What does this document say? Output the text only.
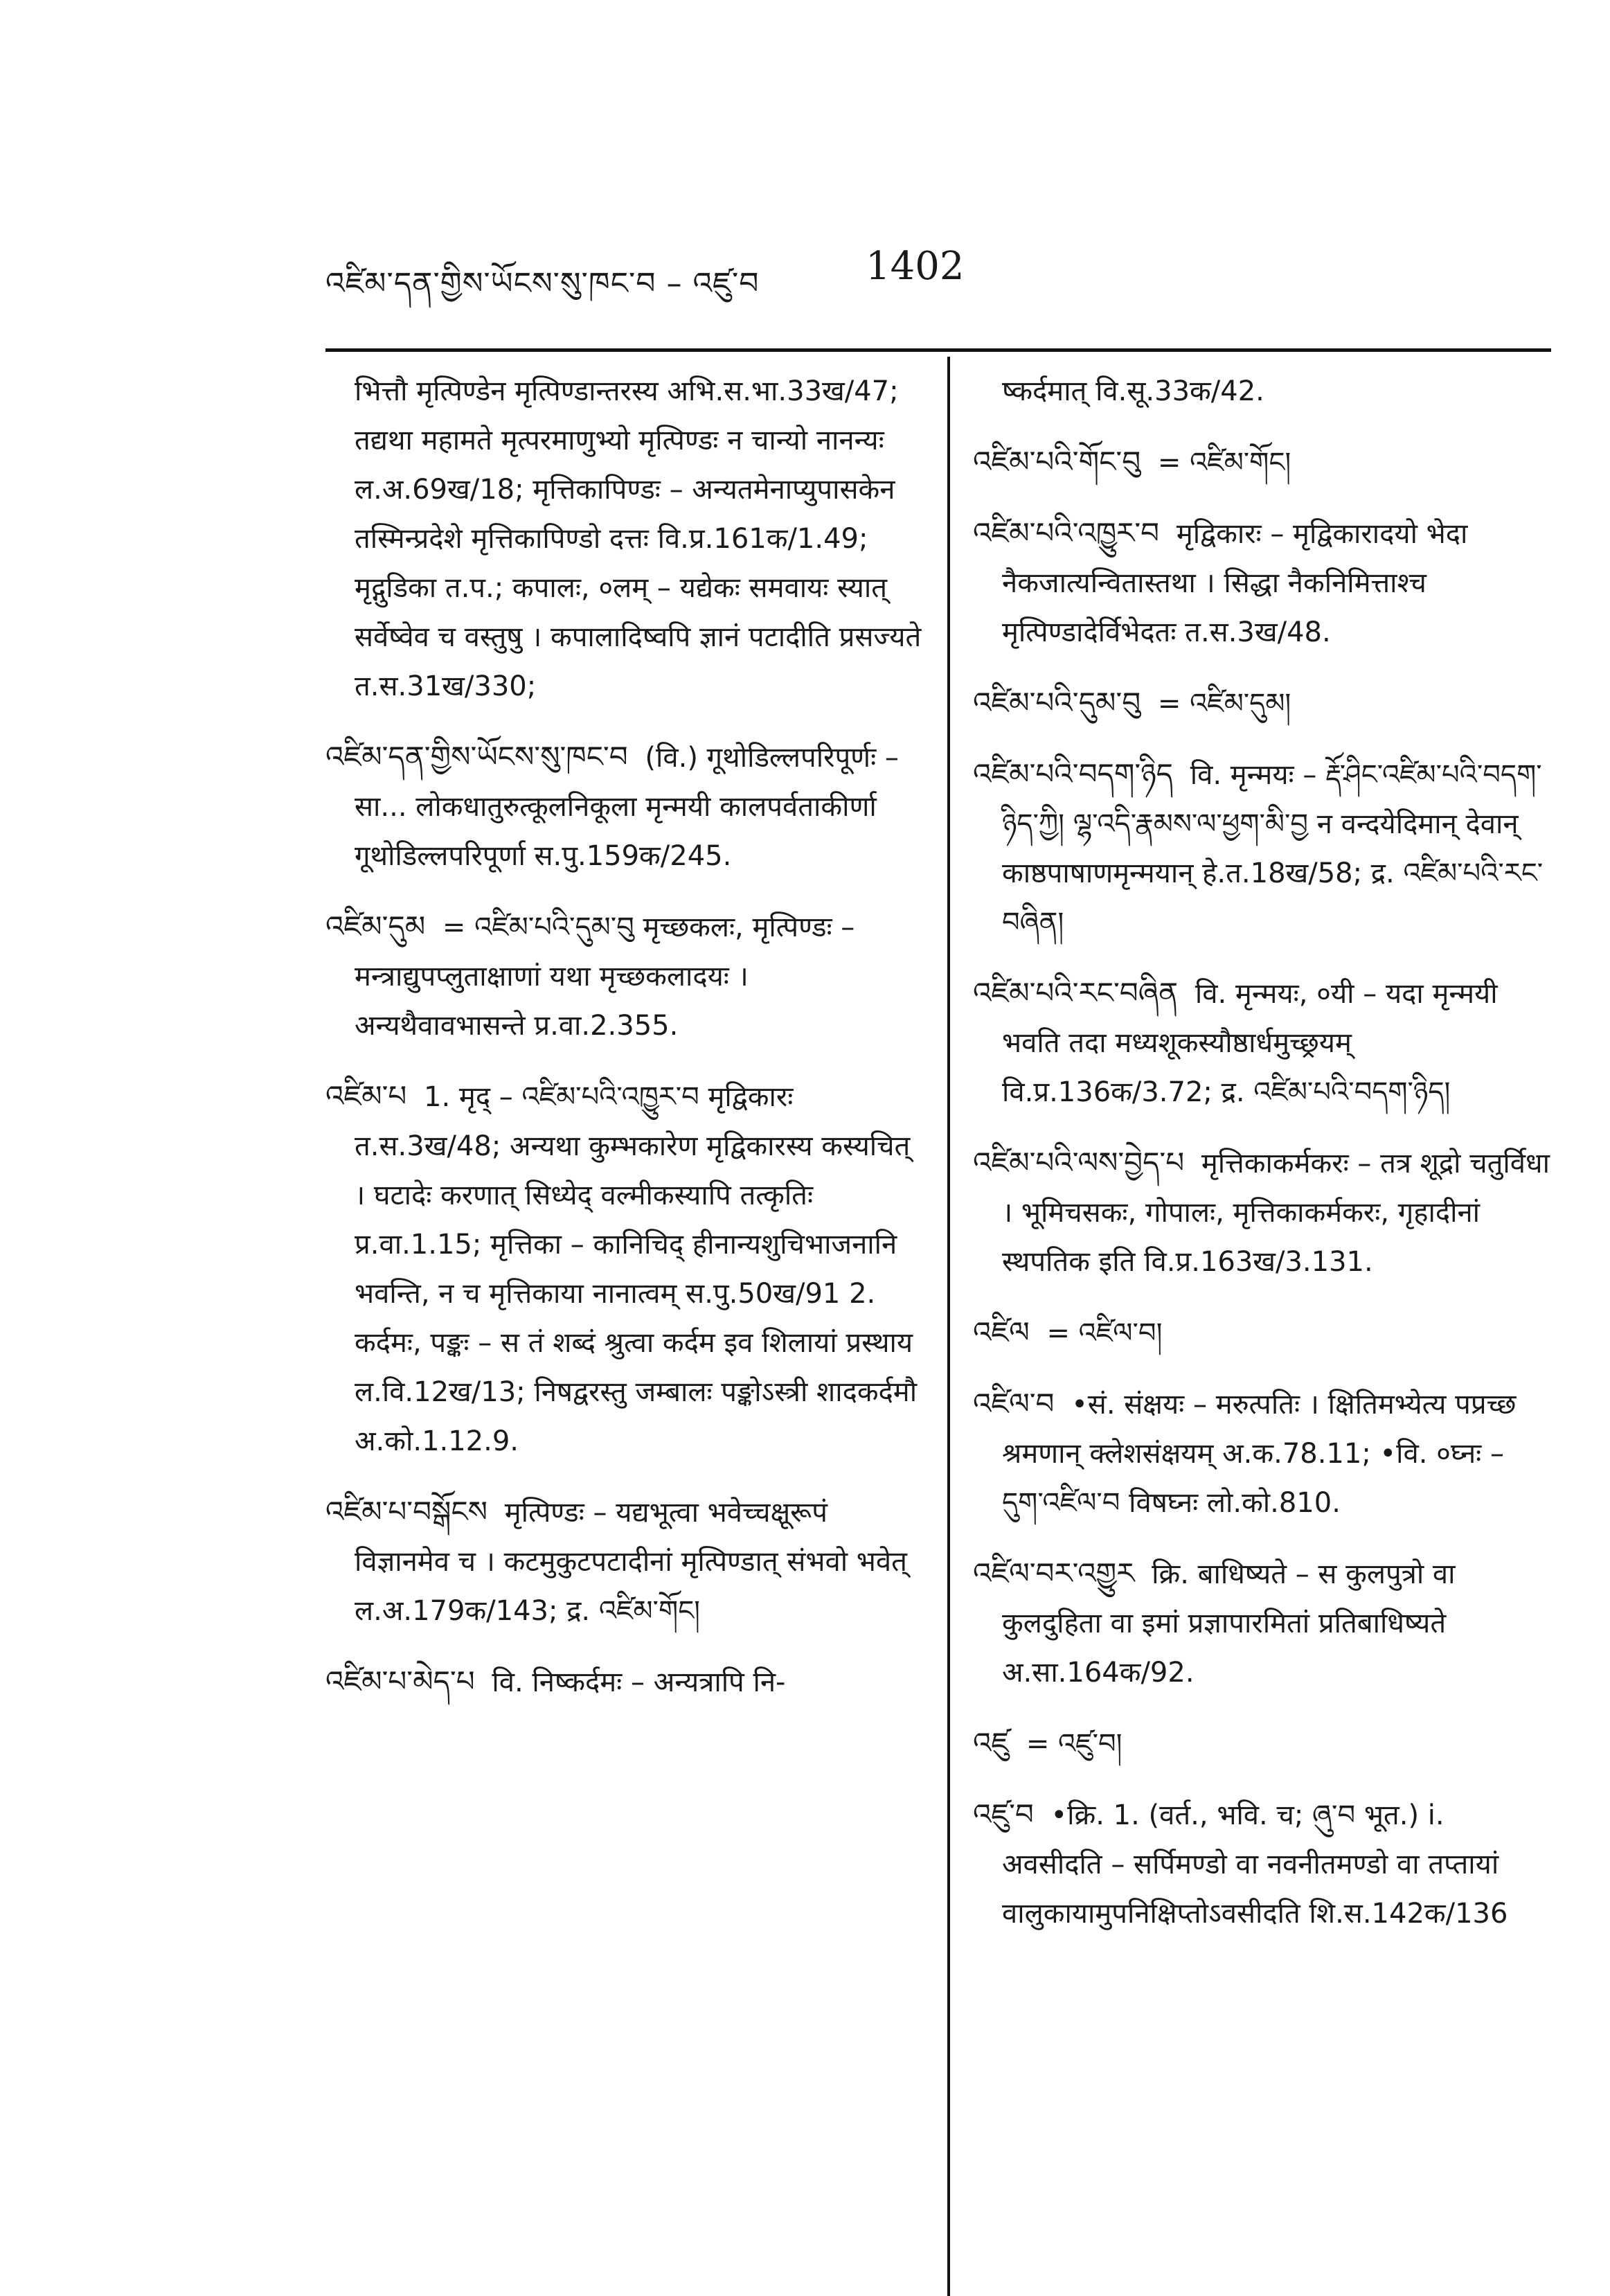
འཛིམ་དན་གྱིས་ཡོངས་སུ་ཁང་བ – འཛུ་བ	1402
भित्तौ मृत्पिण्डेन मृत्पिण्डान्तरस्य अभि.स.भा.33ख/47; तद्यथा महामते मृत्परमाणुभ्यो मृत्पिण्डः न चान्यो नानन्यः ल.अ.69ख/18; मृत्तिकापिण्डः – अन्यतमेनाप्युपासकेन तस्मिन्प्रदेशे मृत्तिकापिण्डो दत्तः वि.प्र.161क/1.49; मृद्गुडिका त.प.; कपालः, ०लम् – यद्येकः समवायः स्यात् सर्वेष्वेव च वस्तुषु । कपालादिष्वपि ज्ञानं पटादीति प्रसज्यते त.स.31ख/330;
འཛིམ་དན་གྱིས་ཡོངས་སུ་ཁང་བ (वि.) गूथोडिल्लपरिपूर्णः – सा... लोकधातुरुत्कूलनिकूला मृन्मयी कालपर्वताकीर्णा गूथोडिल्लपरिपूर्णा स.पु.159क/245.
འཛིམ་དུམ = འཛིམ་པའི་དུམ་བུ मृच्छकलः, मृत्पिण्डः – मन्त्राद्युपप्लुताक्षाणां यथा मृच्छकलादयः । अन्यथैवावभासन्ते प्र.वा.2.355.
འཛིམ་པ 1. मृद् – འཛིམ་པའི་འཁྱུར་བ मृद्विकारः त.स.3ख/48; अन्यथा कुम्भकारेण मृद्विकारस्य कस्यचित् । घटादेः करणात् सिध्येद् वल्मीकस्यापि तत्कृतिः प्र.वा.1.15; मृत्तिका – कानिचिद् हीनान्यशुचिभाजनानि भवन्ति, न च मृत्तिकाया नानात्वम् स.पु.50ख/91 2. कर्दमः, पङ्कः – स तं शब्दं श्रुत्वा कर्दम इव शिलायां प्रस्थाय ल.वि.12ख/13; निषद्वरस्तु जम्बालः पङ्कोऽस्त्री शादकर्दमौ अ.को.1.12.9.
འཛིམ་པ་བསྒོངས मृत्पिण्डः – यद्यभूत्वा भवेच्चक्षूरूपं विज्ञानमेव च । कटमुकुटपटादीनां मृत्पिण्डात् संभवो भवेत् ल.अ.179क/143; द्र. འཛིམ་གོང།
འཛིམ་པ་མེད་པ वि. निष्कर्दमः – अन्यत्रापि नि-
ष्कर्दमात् वि.सू.33क/42.
འཛིམ་པའི་གོང་བུ = འཛིམ་གོང།
འཛིམ་པའི་འཁྱུར་བ मृद्विकारः – मृद्विकारादयो भेदा नैकजात्यन्वितास्तथा । सिद्धा नैकनिमित्ताश्च मृत्पिण्डादेर्विभेदतः त.स.3ख/48.
འཛིམ་པའི་དུམ་བུ = འཛིམ་དུམ།
འཛིམ་པའི་བདག་ཉིད वि. मृन्मयः – རྡོ་ཤིང་འཛིམ་པའི་བདག་ཉིད་ཀྱི། ལྷ་འདི་རྣམས་ལ་ཕྱག་མི་བྱ न वन्दयेदिमान् देवान् काष्ठपाषाणमृन्मयान् हे.त.18ख/58; द्र. འཛིམ་པའི་རང་བཞིན།
འཛིམ་པའི་རང་བཞིན वि. मृन्मयः, ०यी – यदा मृन्मयी भवति तदा मध्यशूकस्यौष्ठार्धमुच्छ्रयम् वि.प्र.136क/3.72; द्र. འཛིམ་པའི་བདག་ཉིད།
འཛིམ་པའི་ལས་བྱེད་པ मृत्तिकाकर्मकरः – तत्र शूद्रो चतुर्विधा । भूमिचसकः, गोपालः, मृत्तिकाकर्मकरः, गृहादीनां स्थपतिक इति वि.प्र.163ख/3.131.
འཛིལ = འཛིལ་བ།
འཛིལ་བ •सं. संक्षयः – मरुत्पतिः । क्षितिमभ्येत्य पप्रच्छ श्रमणान् क्लेशसंक्षयम् अ.क.78.11; •वि. ०घ्नः – དུག་འཛིལ་བ विषघ्नः लो.को.810.
འཛིལ་བར་འགྱུར क्रि. बाधिष्यते – स कुलपुत्रो वा कुलदुहिता वा इमां प्रज्ञापारमितां प्रतिबाधिष्यते अ.सा.164क/92.
འཛུ = འཛུ་བ།
འཛུ་བ •क्रि. 1. (वर्त., भवि. च; ཞུ་བ भूत.) i. अवसीदति – सर्पिमण्डो वा नवनीतमण्डो वा तप्तायां वालुकायामुपनिक्षिप्तोऽवसीदति शि.स.142क/136
